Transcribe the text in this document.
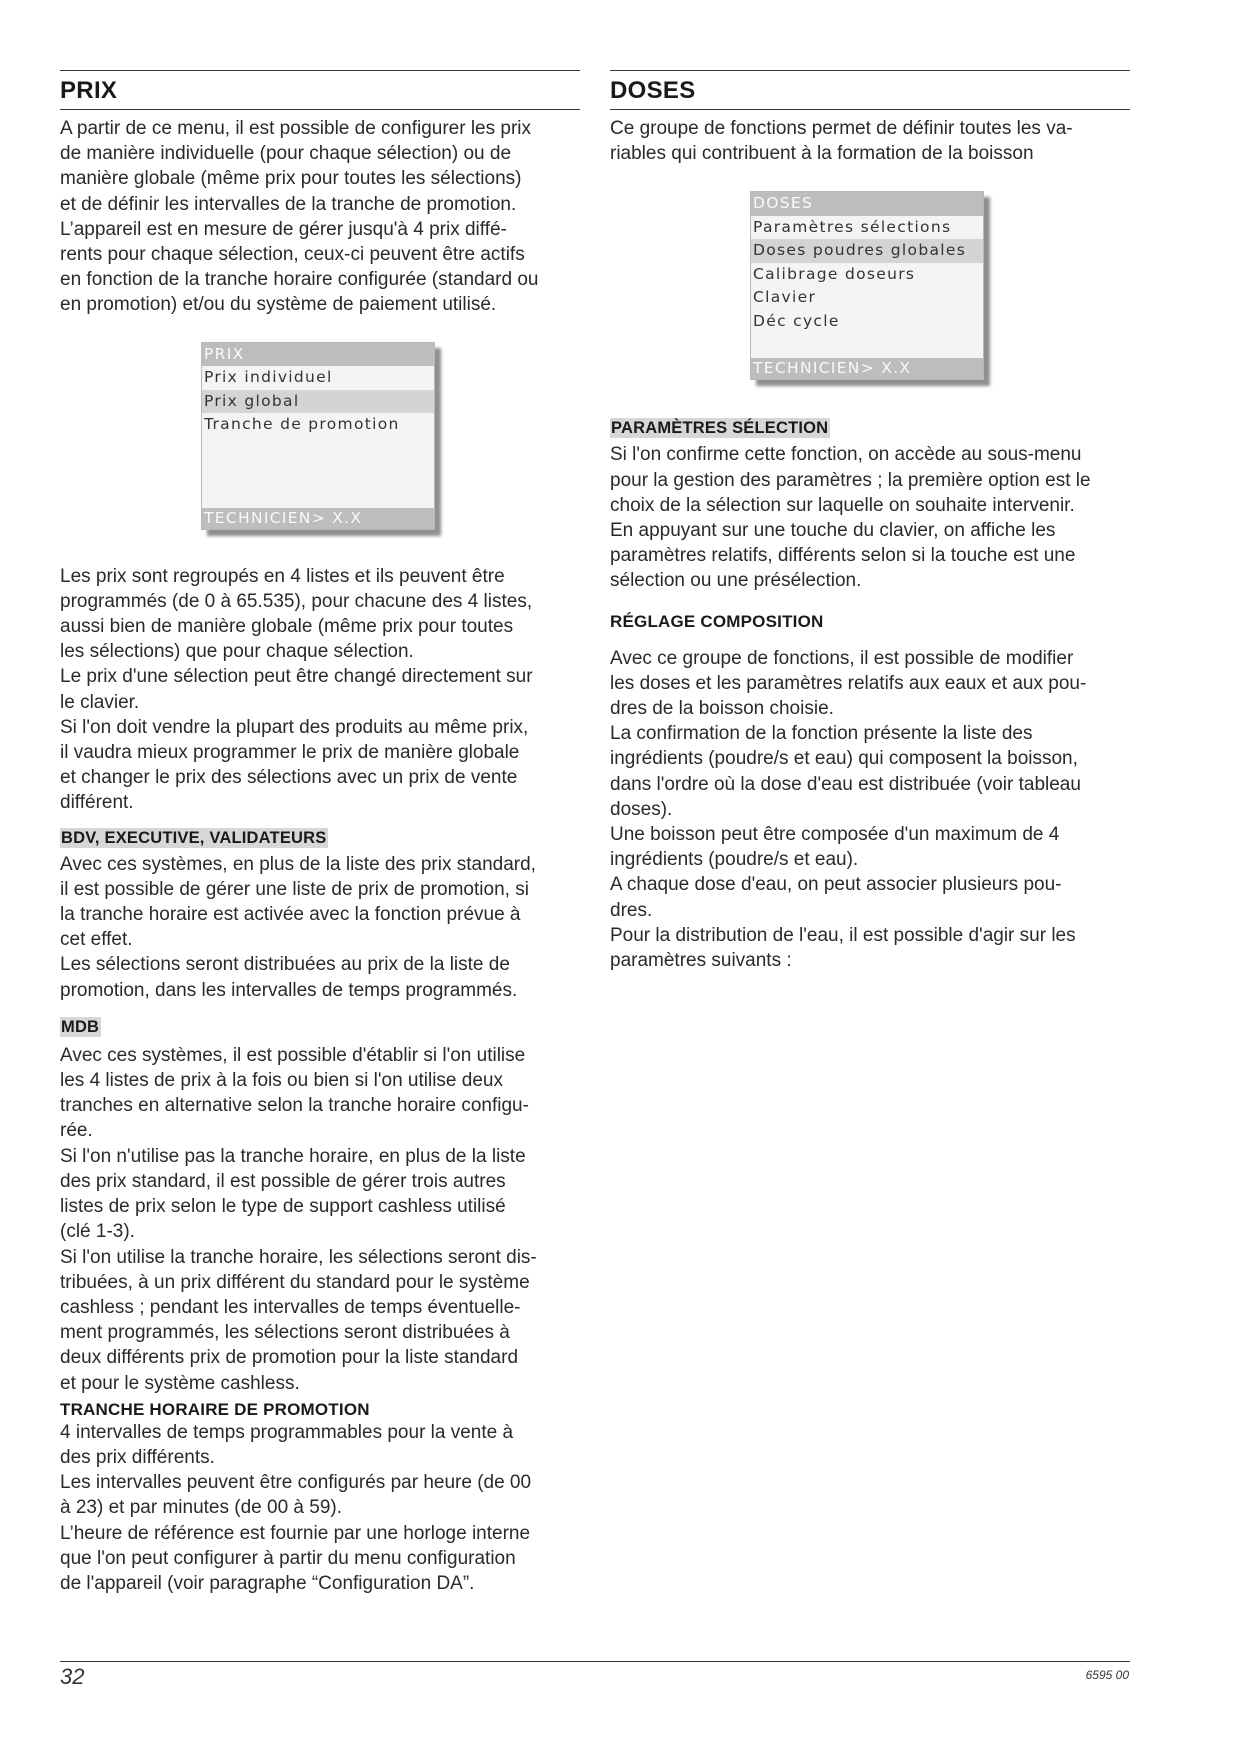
PRIX

A partir de ce menu, il est possible de configurer les prix
de manière individuelle (pour chaque sélection) ou de
manière globale (même prix pour toutes les sélections)
et de définir les intervalles de la tranche de promotion.
L’appareil est en mesure de gérer jusqu'à 4 prix diffé-
rents pour chaque sélection, ceux-ci peuvent être actifs
en fonction de la tranche horaire configurée (standard ou
en promotion) et/ou du système de paiement utilisé.

PRIX
Prix individuel
Prix global
Tranche de promotion
TECHNICIEN> X.X

Les prix sont regroupés en 4 listes et ils peuvent être
programmés (de 0 à 65.535), pour chacune des 4 listes,
aussi bien de manière globale (même prix pour toutes
les sélections) que pour chaque sélection.
Le prix d'une sélection peut être changé directement sur
le clavier.
Si l'on doit vendre la plupart des produits au même prix,
il vaudra mieux programmer le prix de manière globale
et changer le prix des sélections avec un prix de vente
différent.

BDV, EXECUTIVE, VALIDATEURS

Avec ces systèmes, en plus de la liste des prix standard,
il est possible de gérer une liste de prix de promotion, si
la tranche horaire est activée avec la fonction prévue à
cet effet.
Les sélections seront distribuées au prix de la liste de
promotion, dans les intervalles de temps programmés.

MDB

Avec ces systèmes, il est possible d'établir si l'on utilise
les 4 listes de prix à la fois ou bien si l'on utilise deux
tranches en alternative selon la tranche horaire configu-
rée.
Si l'on n'utilise pas la tranche horaire, en plus de la liste
des prix standard, il est possible de gérer trois autres
listes de prix selon le type de support cashless utilisé
(clé 1-3).
Si l'on utilise la tranche horaire, les sélections seront dis-
tribuées, à un prix différent du standard pour le système
cashless ; pendant les intervalles de temps éventuelle-
ment programmés, les sélections seront distribuées à
deux différents prix de promotion pour la liste standard
et pour le système cashless.

TRANCHE HORAIRE DE PROMOTION

4 intervalles de temps programmables pour la vente à
des prix différents.
Les intervalles peuvent être configurés par heure (de 00
à 23) et par minutes (de 00 à 59).
L’heure de référence est fournie par une horloge interne
que l'on peut configurer à partir du menu configuration
de l'appareil (voir paragraphe “Configuration DA”.

DOSES

Ce groupe de fonctions permet de définir toutes les va-
riables qui contribuent à la formation de la boisson

DOSES
Paramètres sélections
Doses poudres globales
Calibrage doseurs
Clavier
Déc cycle
TECHNICIEN> X.X
PARAMÈTRES SÉLECTION

Si l'on confirme cette fonction, on accède au sous-menu
pour la gestion des paramètres ; la première option est le
choix de la sélection sur laquelle on souhaite intervenir.
En appuyant sur une touche du clavier, on affiche les
paramètres relatifs, différents selon si la touche est une
sélection ou une présélection.

RÉGLAGE COMPOSITION

Avec ce groupe de fonctions, il est possible de modifier
les doses et les paramètres relatifs aux eaux et aux pou-
dres de la boisson choisie.
La confirmation de la fonction présente la liste des
ingrédients (poudre/s et eau) qui composent la boisson,
dans l'ordre où la dose d'eau est distribuée (voir tableau
doses).
Une boisson peut être composée d'un maximum de 4
ingrédients (poudre/s et eau).
A chaque dose d'eau, on peut associer plusieurs pou-
dres.
Pour la distribution de l'eau, il est possible d'agir sur les
paramètres suivants :

32	6595 00
